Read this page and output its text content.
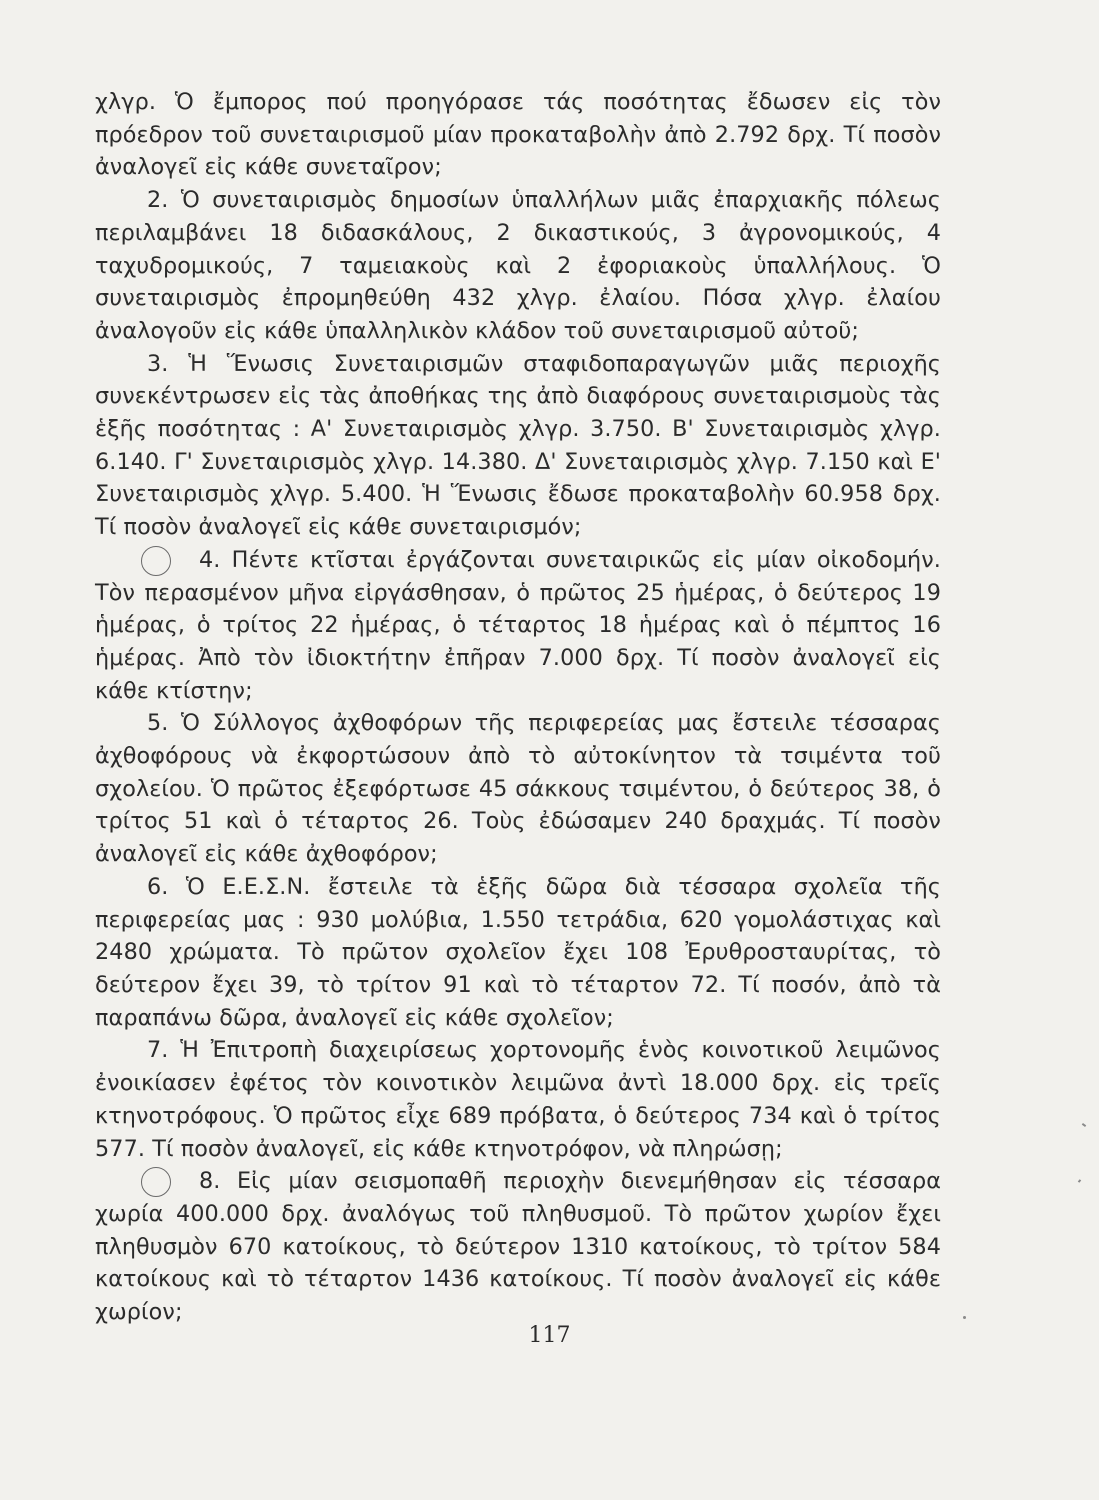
χλγρ. Ὁ ἔμπορος πού προηγόρασε τάς ποσότητας ἔδωσεν εἰς τὸν πρόεδρον τοῦ συνεταιρισμοῦ μίαν προκαταβολὴν ἀπὸ 2.792 δρχ. Τί ποσὸν ἀναλογεῖ εἰς κάθε συνεταῖρον;

2. Ὁ συνεταιρισμὸς δημοσίων ὑπαλλήλων μιᾶς ἐπαρχιακῆς πόλεως περιλαμβάνει 18 διδασκάλους, 2 δικαστικούς, 3 ἀγρονομικούς, 4 ταχυδρομικούς, 7 ταμειακοὺς καὶ 2 ἐφοριακοὺς ὑπαλλήλους. Ὁ συνεταιρισμὸς ἐπρομηθεύθη 432 χλγρ. ἐλαίου. Πόσα χλγρ. ἐλαίου ἀναλογοῦν εἰς κάθε ὑπαλληλικὸν κλάδον τοῦ συνεταιρισμοῦ αὐτοῦ;

3. Ἡ Ἕνωσις Συνεταιρισμῶν σταφιδοπαραγωγῶν μιᾶς περιοχῆς συνεκέντρωσεν εἰς τὰς ἀποθήκας της ἀπὸ διαφόρους συνεταιρισμοὺς τὰς ἑξῆς ποσότητας : Α' Συνεταιρισμὸς χλγρ. 3.750. Β' Συνεταιρισμὸς χλγρ. 6.140. Γ' Συνεταιρισμὸς χλγρ. 14.380. Δ' Συνεταιρισμὸς χλγρ. 7.150 καὶ Ε' Συνεταιρισμὸς χλγρ. 5.400. Ἡ Ἕνωσις ἔδωσε προκαταβολὴν 60.958 δρχ. Τί ποσὸν ἀναλογεῖ εἰς κάθε συνεταιρισμόν;

4. Πέντε κτῖσται ἐργάζονται συνεταιρικῶς εἰς μίαν οἰκοδομήν. Τὸν περασμένον μῆνα εἰργάσθησαν, ὁ πρῶτος 25 ἡμέρας, ὁ δεύτερος 19 ἡμέρας, ὁ τρίτος 22 ἡμέρας, ὁ τέταρτος 18 ἡμέρας καὶ ὁ πέμπτος 16 ἡμέρας. Ἀπὸ τὸν ἰδιοκτήτην ἐπῆραν 7.000 δρχ. Τί ποσὸν ἀναλογεῖ εἰς κάθε κτίστην;

5. Ὁ Σύλλογος ἀχθοφόρων τῆς περιφερείας μας ἔστειλε τέσσαρας ἀχθοφόρους νὰ ἐκφορτώσουν ἀπὸ τὸ αὐτοκίνητον τὰ τσιμέντα τοῦ σχολείου. Ὁ πρῶτος ἐξεφόρτωσε 45 σάκκους τσιμέντου, ὁ δεύτερος 38, ὁ τρίτος 51 καὶ ὁ τέταρτος 26. Τοὺς ἐδώσαμεν 240 δραχμάς. Τί ποσὸν ἀναλογεῖ εἰς κάθε ἀχθοφόρον;

6. Ὁ Ε.Ε.Σ.Ν. ἔστειλε τὰ ἑξῆς δῶρα διὰ τέσσαρα σχολεῖα τῆς περιφερείας μας : 930 μολύβια, 1.550 τετράδια, 620 γομολάστιχας καὶ 2480 χρώματα. Τὸ πρῶτον σχολεῖον ἔχει 108 Ἐρυθροσταυρίτας, τὸ δεύτερον ἔχει 39, τὸ τρίτον 91 καὶ τὸ τέταρτον 72. Τί ποσόν, ἀπὸ τὰ παραπάνω δῶρα, ἀναλογεῖ εἰς κάθε σχολεῖον;

7. Ἡ Ἐπιτροπὴ διαχειρίσεως χορτονομῆς ἑνὸς κοινοτικοῦ λειμῶνος ἐνοικίασεν ἐφέτος τὸν κοινοτικὸν λειμῶνα ἀντὶ 18.000 δρχ. εἰς τρεῖς κτηνοτρόφους. Ὁ πρῶτος εἶχε 689 πρόβατα, ὁ δεύτερος 734 καὶ ὁ τρίτος 577. Τί ποσὸν ἀναλογεῖ, εἰς κάθε κτηνοτρόφον, νὰ πληρώσῃ;

8. Εἰς μίαν σεισμοπαθῆ περιοχὴν διενεμήθησαν εἰς τέσσαρα χωρία 400.000 δρχ. ἀναλόγως τοῦ πληθυσμοῦ. Τὸ πρῶτον χωρίον ἔχει πληθυσμὸν 670 κατοίκους, τὸ δεύτερον 1310 κατοίκους, τὸ τρίτον 584 κατοίκους καὶ τὸ τέταρτον 1436 κατοίκους. Τί ποσὸν ἀναλογεῖ εἰς κάθε χωρίον;

117
